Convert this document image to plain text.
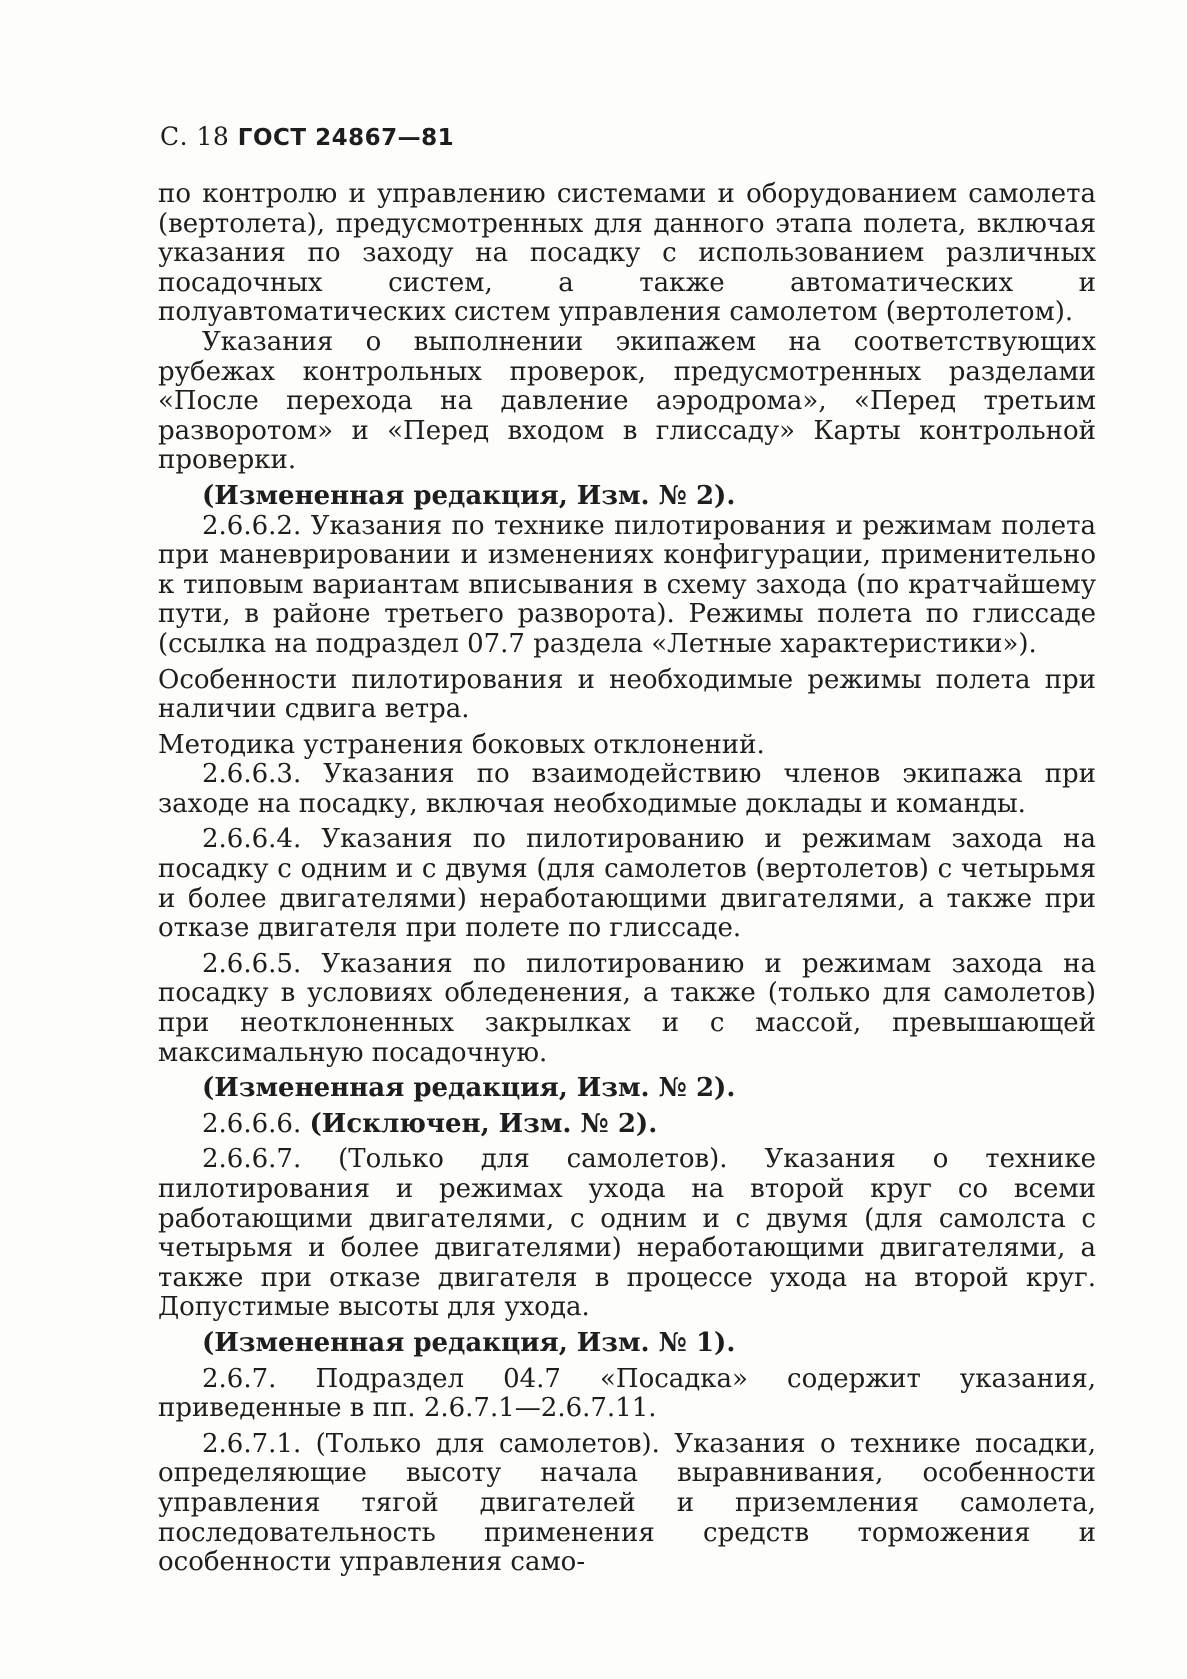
С. 18 ГОСТ 24867—81

по контролю и управлению системами и оборудованием самолета (вертолета), предусмотренных для данного этапа полета, включая указания по заходу на посадку с использованием различных посадочных систем, а также автоматических и полуавтоматических систем управления самолетом (вертолетом).

Указания о выполнении экипажем на соответствующих рубежах контрольных проверок, предусмотренных разделами «После перехода на давление аэродрома», «Перед третьим разворотом» и «Перед входом в глиссаду» Карты контрольной проверки.

(Измененная редакция, Изм. № 2).

2.6.6.2. Указания по технике пилотирования и режимам полета при маневрировании и изменениях конфигурации, применительно к типовым вариантам вписывания в схему захода (по кратчайшему пути, в районе третьего разворота). Режимы полета по глиссаде (ссылка на подраздел 07.7 раздела «Летные характеристики»).

Особенности пилотирования и необходимые режимы полета при наличии сдвига ветра.

Методика устранения боковых отклонений.

2.6.6.3. Указания по взаимодействию членов экипажа при заходе на посадку, включая необходимые доклады и команды.

2.6.6.4. Указания по пилотированию и режимам захода на посадку с одним и с двумя (для самолетов (вертолетов) с четырьмя и более двигателями) неработающими двигателями, а также при отказе двигателя при полете по глиссаде.

2.6.6.5. Указания по пилотированию и режимам захода на посадку в условиях обледенения, а также (только для самолетов) при неотклоненных закрылках и с массой, превышающей максимальную посадочную.

(Измененная редакция, Изм. № 2).

2.6.6.6. (Исключен, Изм. № 2).

2.6.6.7. (Только для самолетов). Указания о технике пилотирования и режимах ухода на второй круг со всеми работающими двигателями, с одним и с двумя (для самолста с четырьмя и более двигателями) неработающими двигателями, а также при отказе двигателя в процессе ухода на второй круг. Допустимые высоты для ухода.

(Измененная редакция, Изм. № 1).

2.6.7. Подраздел 04.7 «Посадка» содержит указания, приведенные в пп. 2.6.7.1—2.6.7.11.

2.6.7.1. (Только для самолетов). Указания о технике посадки, определяющие высоту начала выравнивания, особенности управления тягой двигателей и приземления самолета, последовательность применения средств торможения и особенности управления само-
